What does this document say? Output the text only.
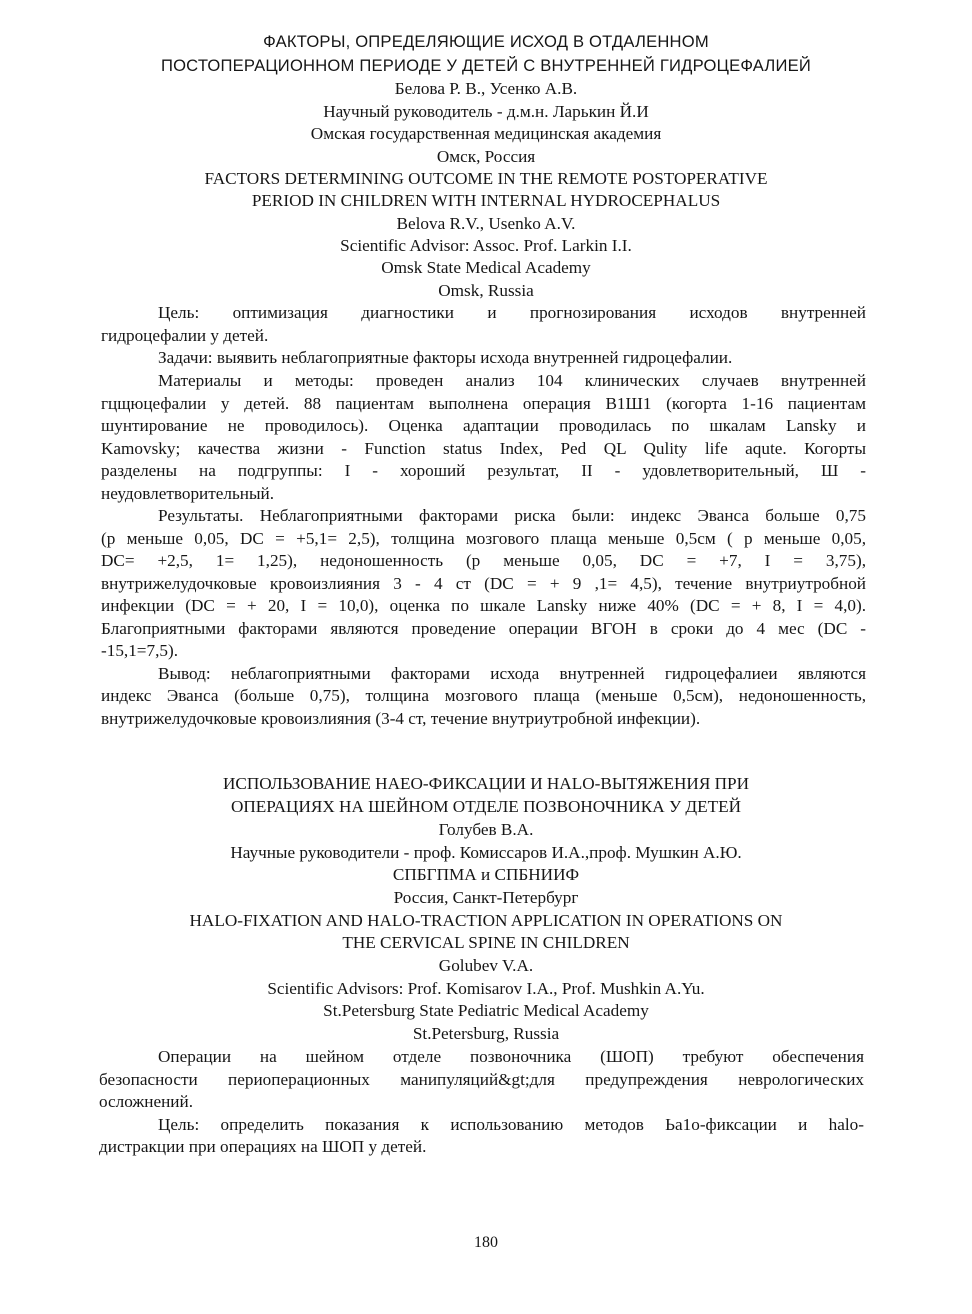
ФАКТОРЫ, ОПРЕДЕЛЯЮЩИЕ ИСХОД В ОТДАЛЕННОМ
ПОСТОПЕРАЦИОННОМ ПЕРИОДЕ У ДЕТЕЙ С ВНУТРЕННЕЙ ГИДРОЦЕФАЛИЕЙ
Белова Р. В., Усенко А.В.
Научный руководитель - д.м.н. Ларькин Й.И
Омская государственная медицинская академия
Омск, Россия
FACTORS DETERMINING OUTCOME IN THE REMOTE POSTOPERATIVE
PERIOD IN CHILDREN WITH INTERNAL HYDROCEPHALUS
Belova R.V., Usenko A.V.
Scientific Advisor: Assoc. Prof. Larkin I.I.
Omsk State Medical Academy
Omsk, Russia
Цель: оптимизация диагностики и прогнозирования исходов внутренней
гидроцефалии у детей.
Задачи: выявить неблагоприятные факторы исхода внутренней гидроцефалии.
Материалы и методы: проведен анализ 104 клинических случаев внутренней
гцщюцефалии у детей. 88 пациентам выполнена операция В1Ш1 (когорта 1-16 пациентам
шунтирование не проводилось). Оценка адаптации проводилась по шкалам Lansky и
Kamovsky; качества жизни - Function status Index, Ped QL Qulity life aqute. Когорты
разделены на подгруппы: I - хороший результат, II - удовлетворительный, Ш -
неудовлетворительный.
Результаты. Неблагоприятными факторами риска были: индекс Эванса больше 0,75
(р меньше 0,05, DC = +5,1= 2,5), толщина мозгового плаща меньше 0,5см ( р меньше 0,05,
DC= +2,5, 1= 1,25), недоношенность (р меньше 0,05, DC = +7, I = 3,75),
внутрижелудочковые кровоизлияния 3 - 4 ст (DC = + 9 ,1= 4,5), течение внутриутробной
инфекции (DC = + 20, I = 10,0), оценка по шкале Lansky ниже 40% (DC = + 8, I = 4,0).
Благоприятными факторами являются проведение операции ВГОН в сроки до 4 мес (DC -
-15,1=7,5).
Вывод: неблагоприятными факторами исхода внутренней гидроцефалиеи являются
индекс Эванса (больше 0,75), толщина мозгового плаща (меньше 0,5см), недоношенность,
внутрижелудочковые кровоизлияния (3-4 ст, течение внутриутробной инфекции).
ИСПОЛЬЗОВАНИЕ НАЕО-ФИКСАЦИИ И HALO-ВЫТЯЖЕНИЯ ПРИ
ОПЕРАЦИЯХ НА ШЕЙНОМ ОТДЕЛЕ ПОЗВОНОЧНИКА У ДЕТЕЙ
Голубев В.А.
Научные руководители - проф. Комиссаров И.А.,проф. Мушкин А.Ю.
СПБГПМА и СПБНИИФ
Россия, Санкт-Петербург
HALO-FIXATION AND HALO-TRACTION APPLICATION IN OPERATIONS ON
THE CERVICAL SPINE IN CHILDREN
Golubev V.A.
Scientific Advisors: Prof. Komisarov I.A., Prof. Mushkin A.Yu.
St.Petersburg State Pediatric Medical Academy
St.Petersburg, Russia
Операции на шейном отделе позвоночника (ШОП) требуют обеспечения
безопасности периоперационных манипуляций&gt;для предупреждения неврологических
осложнений.
Цель: определить показания к использованию методов Ьа1о-фиксации и halo-
дистракции при операциях на ШОП у детей.
180
